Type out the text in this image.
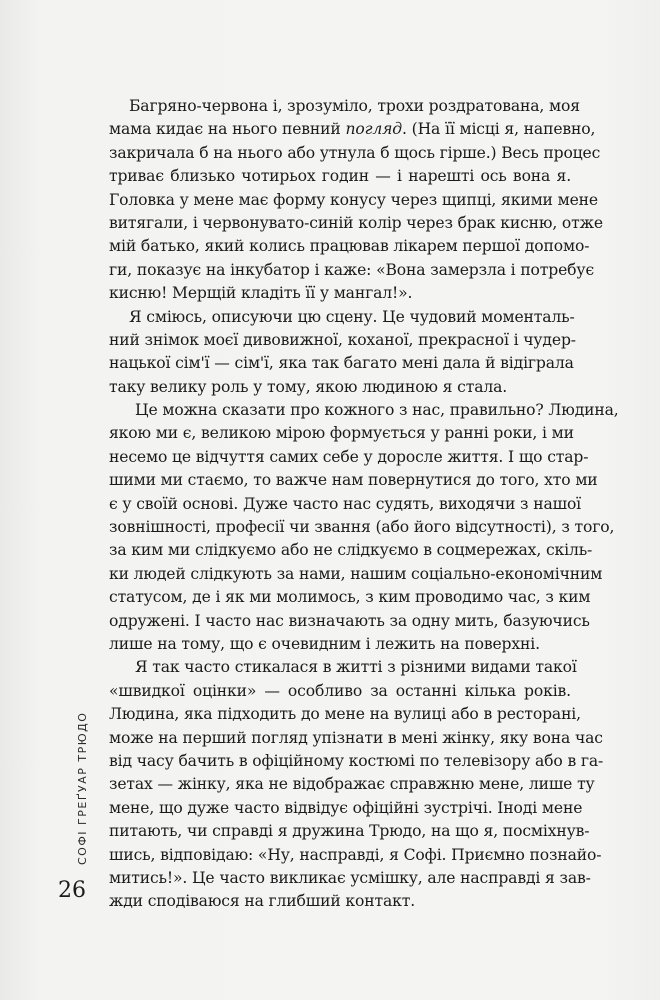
Багряно-червона і, зрозуміло, трохи роздратована, моя
мама кидає на нього певний погляд. (На її місці я, напевно,
закричала б на нього або утнула б щось гірше.) Весь процес
триває близько чотирьох годин — і нарешті ось вона я.
Головка у мене має форму конусу через щипці, якими мене
витягали, і червонувато-синій колір через брак кисню, отже
мій батько, який колись працював лікарем першої допомо-
ги, показує на інкубатор і каже: «Вона замерзла і потребує
кисню! Мерщій кладіть її у мангал!».
Я сміюсь, описуючи цю сцену. Це чудовий моменталь-
ний знімок моєї дивовижної, коханої, прекрасної і чудер-
нацької сім'ї — сім'ї, яка так багато мені дала й відіграла
таку велику роль у тому, якою людиною я стала.
Це можна сказати про кожного з нас, правильно? Людина,
якою ми є, великою мірою формується у ранні роки, і ми
несемо це відчуття самих себе у доросле життя. І що стар-
шими ми стаємо, то важче нам повернутися до того, хто ми
є у своїй основі. Дуже часто нас судять, виходячи з нашої
зовнішності, професії чи звання (або його відсутності), з того,
за ким ми слідкуємо або не слідкуємо в соцмережах, скіль-
ки людей слідкують за нами, нашим соціально-економічним
статусом, де і як ми молимось, з ким проводимо час, з ким
одружені. І часто нас визначають за одну мить, базуючись
лише на тому, що є очевидним і лежить на поверхні.
Я так часто стикалася в житті з різними видами такої
«швидкої оцінки» — особливо за останні кілька років.
Людина, яка підходить до мене на вулиці або в ресторані,
може на перший погляд упізнати в мені жінку, яку вона час
від часу бачить в офіційному костюмі по телевізору або в га-
зетах — жінку, яка не відображає справжню мене, лише ту
мене, що дуже часто відвідує офіційні зустрічі. Іноді мене
питають, чи справді я дружина Трюдо, на що я, посміхнув-
шись, відповідаю: «Ну, насправді, я Софі. Приємно познайо-
митись!». Це часто викликає усмішку, але насправді я зав-
жди сподіваюся на глибший контакт.
СОФІ ГРЕҐУАР ТРЮДО
26
